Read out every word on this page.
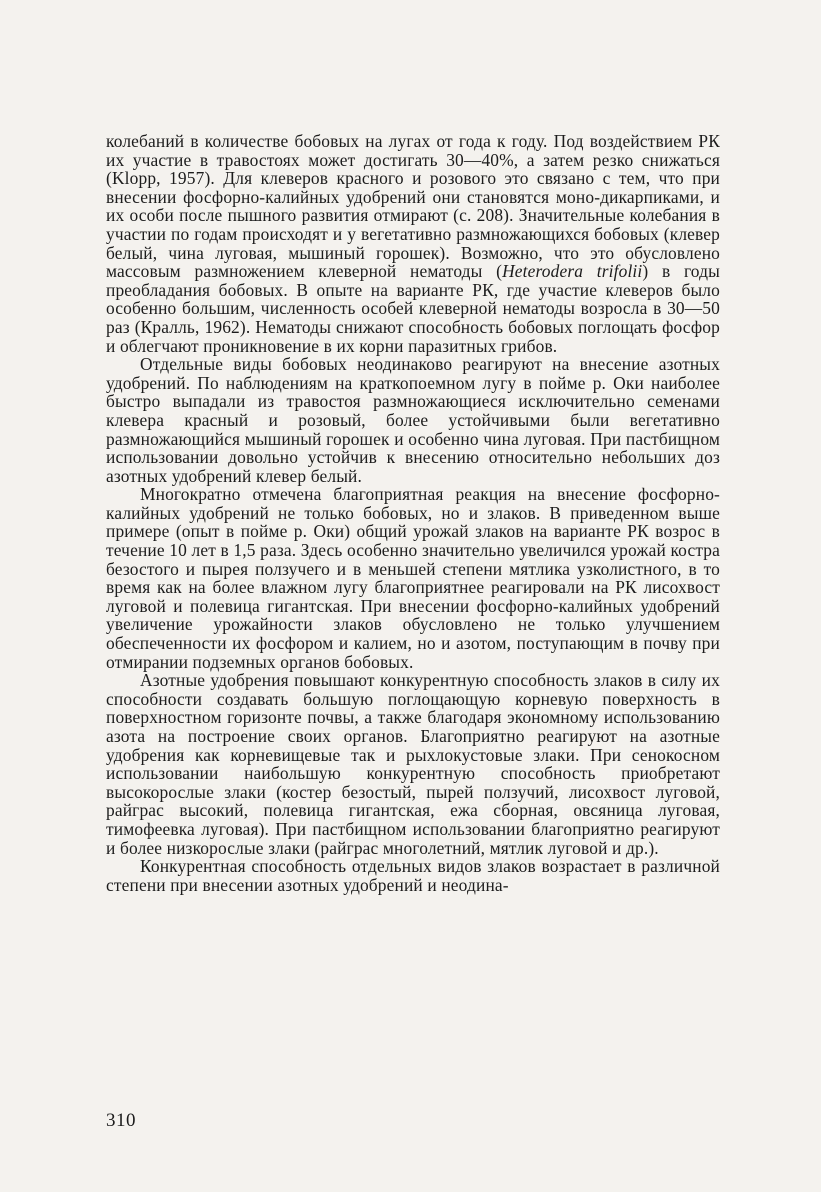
колебаний в количестве бобовых на лугах от года к году. Под воздействием РК их участие в травостоях может достигать 30—40%, а затем резко снижаться (Klopp, 1957). Для клеверов красного и розового это связано с тем, что при внесении фосфорно-калийных удобрений они становятся моно-дикарпиками, и их особи после пышного развития отмирают (с. 208). Значительные колебания в участии по годам происходят и у вегетативно размножающихся бобовых (клевер белый, чина луговая, мышиный горошек). Возможно, что это обусловлено массовым размножением клеверной нематоды (Heterodera trifolii) в годы преобладания бобовых. В опыте на варианте РК, где участие клеверов было особенно большим, численность особей клеверной нематоды возросла в 30—50 раз (Кралль, 1962). Нематоды снижают способность бобовых поглощать фосфор и облегчают проникновение в их корни паразитных грибов.

Отдельные виды бобовых неодинаково реагируют на внесение азотных удобрений. По наблюдениям на краткопоемном лугу в пойме р. Оки наиболее быстро выпадали из травостоя размножающиеся исключительно семенами клевера красный и розовый, более устойчивыми были вегетативно размножающийся мышиный горошек и особенно чина луговая. При пастбищном использовании довольно устойчив к внесению относительно небольших доз азотных удобрений клевер белый.

Многократно отмечена благоприятная реакция на внесение фосфорно-калийных удобрений не только бобовых, но и злаков. В приведенном выше примере (опыт в пойме р. Оки) общий урожай злаков на варианте РК возрос в течение 10 лет в 1,5 раза. Здесь особенно значительно увеличился урожай костра безостого и пырея ползучего и в меньшей степени мятлика узколистного, в то время как на более влажном лугу благоприятнее реагировали на РК лисохвост луговой и полевица гигантская. При внесении фосфорно-калийных удобрений увеличение урожайности злаков обусловлено не только улучшением обеспеченности их фосфором и калием, но и азотом, поступающим в почву при отмирании подземных органов бобовых.

Азотные удобрения повышают конкурентную способность злаков в силу их способности создавать большую поглощающую корневую поверхность в поверхностном горизонте почвы, а также благодаря экономному использованию азота на построение своих органов. Благоприятно реагируют на азотные удобрения как корневищевые так и рыхлокустовые злаки. При сенокосном использовании наибольшую конкурентную способность приобретают высокорослые злаки (костер безостый, пырей ползучий, лисохвост луговой, райграс высокий, полевица гигантская, ежа сборная, овсяница луговая, тимофеевка луговая). При пастбищном использовании благоприятно реагируют и более низкорослые злаки (райграс многолетний, мятлик луговой и др.).

Конкурентная способность отдельных видов злаков возрастает в различной степени при внесении азотных удобрений и неодина-

310
